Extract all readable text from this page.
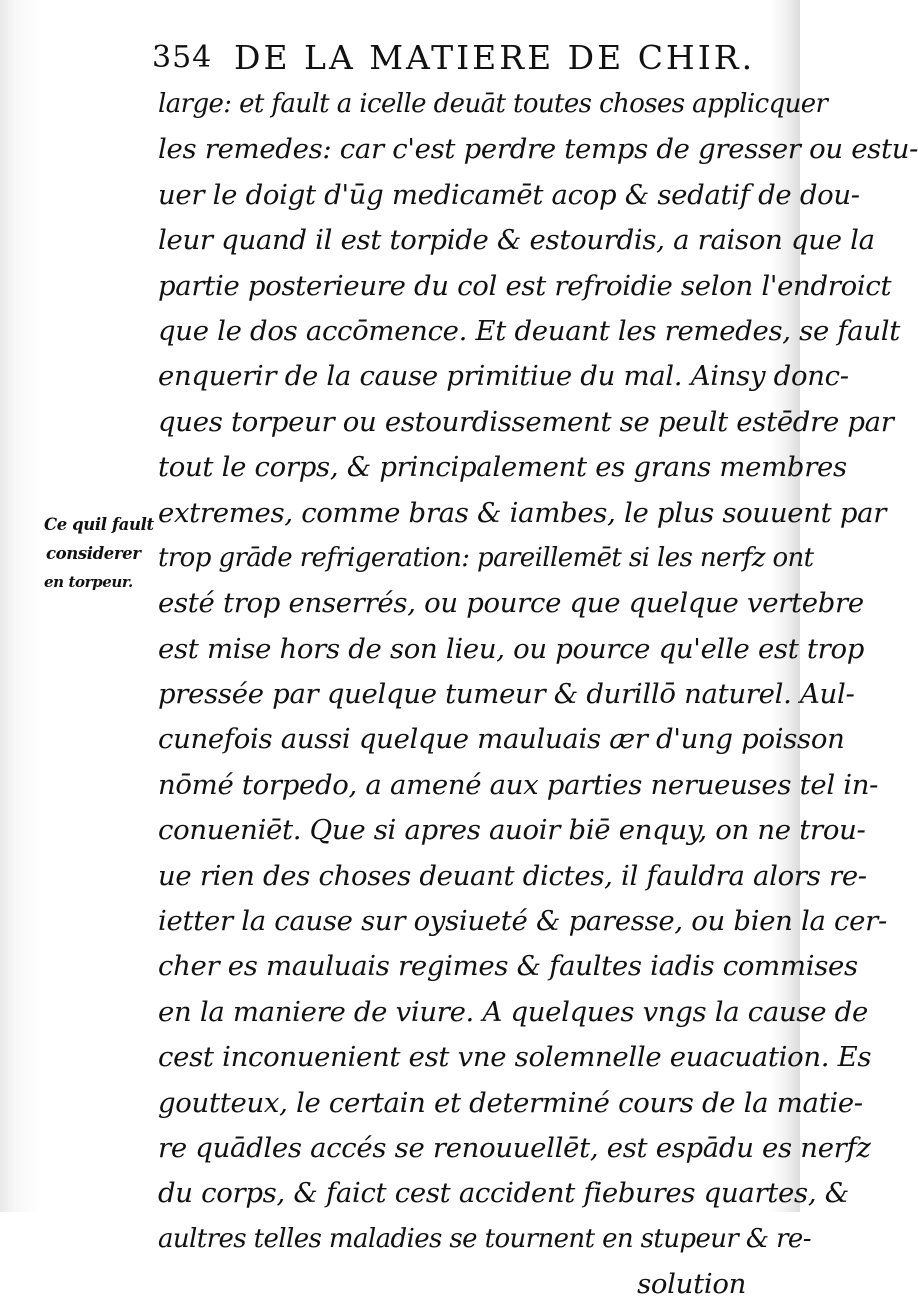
354 DE LA MATIERE DE CHIR.
Ce quil fault
considerer
en torpeur.
large: et fault a icelle deuāt toutes choses applicquer
les remedes: car c'est perdre temps de gresser ou estu-
uer le doigt d'ūg medicamēt acop & sedatif de dou-
leur quand il est torpide & estourdis, a raison que la
partie posterieure du col est refroidie selon l'endroict
que le dos accōmence. Et deuant les remedes, se fault
enquerir de la cause primitiue du mal. Ainsy donc-
ques torpeur ou estourdissement se peult estēdre par
tout le corps, & principalement es grans membres
extremes, comme bras & iambes, le plus souuent par
trop grāde refrigeration: pareillemēt si les nerfz ont
esté trop enserrés, ou pource que quelque vertebre
est mise hors de son lieu, ou pource qu'elle est trop
pressée par quelque tumeur & durillō naturel. Aul-
cunefois aussi quelque mauluais ær d'ung poisson
nōmé torpedo, a amené aux parties nerueuses tel in-
conueniēt. Que si apres auoir biē enquy, on ne trou-
ue rien des choses deuant dictes, il fauldra alors re-
ietter la cause sur oysiueté & paresse, ou bien la cer-
cher es mauluais regimes & faultes iadis commises
en la maniere de viure. A quelques vngs la cause de
cest inconuenient est vne solemnelle euacuation. Es
goutteux, le certain et determiné cours de la matie-
re quādles accés se renouuellēt, est espādu es nerfz
du corps, & faict cest accident fiebures quartes, &
aultres telles maladies se tournent en stupeur & re-
solution
